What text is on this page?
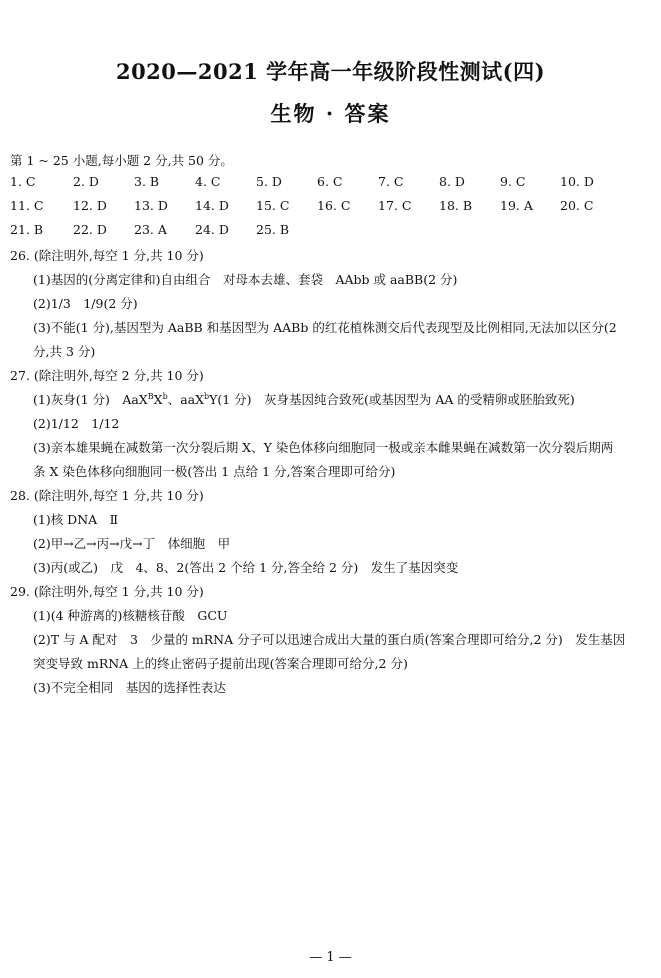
2020—2021 学年高一年级阶段性测试(四)
生物 · 答案
第 1 ~ 25 小题,每小题 2 分,共 50 分。
1. C	2. D	3. B	4. C	5. D	6. C	7. C	8. D	9. C	10. D
11. C 12. D 13. D 14. D 15. C 16. C 17. C 18. B 19. A 20. C
21. B 22. D 23. A 24. D 25. B
26. (除注明外,每空 1 分,共 10 分)
(1)基因的(分离定律和)自由组合　对母本去雄、套袋　AAbb 或 aaBB(2 分)
(2)1/3　1/9(2 分)
(3)不能(1 分),基因型为 AaBB 和基因型为 AABb 的红花植株测交后代表现型及比例相同,无法加以区分(2
分,共 3 分)
27. (除注明外,每空 2 分,共 10 分)
(1)灰身(1 分)　$AaX^BX^b$、aaX$^b$Y(1 分)　灰身基因纯合致死(或基因型为 AA 的受精卵或胚胎致死)
(2)1/12　1/12
(3)亲本雄果蝇在减数第一次分裂后期 X、Y 染色体移向细胞同一极或亲本雌果蝇在减数第一次分裂后期两
条 X 染色体移向细胞同一极(答出 1 点给 1 分,答案合理即可给分)
28. (除注明外,每空 1 分,共 10 分)
(1)核 DNA　Ⅱ
(2)甲→乙→丙→戊→丁　体细胞　甲
(3)丙(或乙)　戊　4、8、2(答出 2 个给 1 分,答全给 2 分)　发生了基因突变
29. (除注明外,每空 1 分,共 10 分)
(1)(4 种游离的)核糖核苷酸　GCU
(2)T 与 A 配对　3　少量的 mRNA 分子可以迅速合成出大量的蛋白质(答案合理即可给分,2 分)　发生基因
突变导致 mRNA 上的终止密码子提前出现(答案合理即可给分,2 分)
(3)不完全相同　基因的选择性表达
— 1 —
